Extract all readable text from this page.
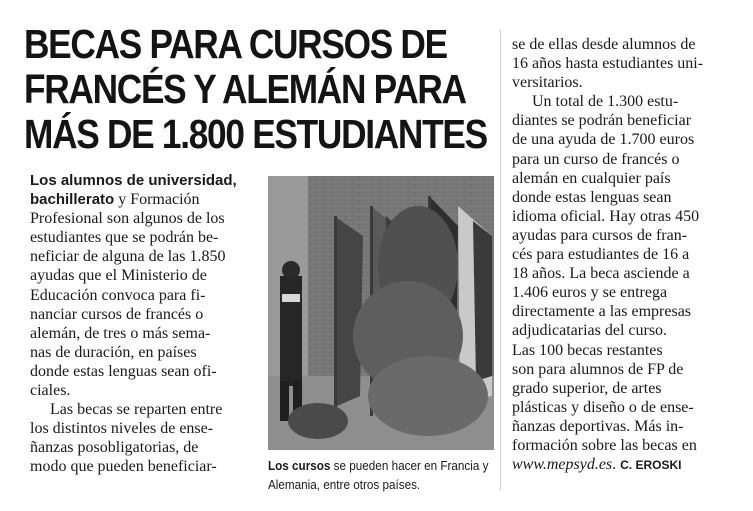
BECAS PARA CURSOS DE
FRANCÉS Y ALEMÁN PARA
MÁS DE 1.800 ESTUDIANTES
Los alumnos de universidad,
bachillerato y Formación
Profesional son algunos de los
estudiantes que se podrán be-
neficiar de alguna de las 1.850
ayudas que el Ministerio de
Educación convoca para fi-
nanciar cursos de francés o
alemán, de tres o más sema-
nas de duración, en países
donde estas lenguas sean ofi-
ciales.
Las becas se reparten entre
los distintos niveles de ense-
ñanzas posobligatorias, de
modo que pueden beneficiar-	Los cursos se pueden hacer en Francia y Alemania, entre otros países.
se de ellas desde alumnos de
16 años hasta estudiantes uni-
versitarios.
Un total de 1.300 estu-
diantes se podrán beneficiar
de una ayuda de 1.700 euros
para un curso de francés o
alemán en cualquier país
donde estas lenguas sean
idioma oficial. Hay otras 450
ayudas para cursos de fran-
cés para estudiantes de 16 a
18 años. La beca asciende a
1.406 euros y se entrega
directamente a las empresas
adjudicatarias del curso.
Las 100 becas restantes
son para alumnos de FP de
grado superior, de artes
plásticas y diseño o de ense-
ñanzas deportivas. Más in-
formación sobre las becas en
www.mepsyd.es. C. EROSKI
